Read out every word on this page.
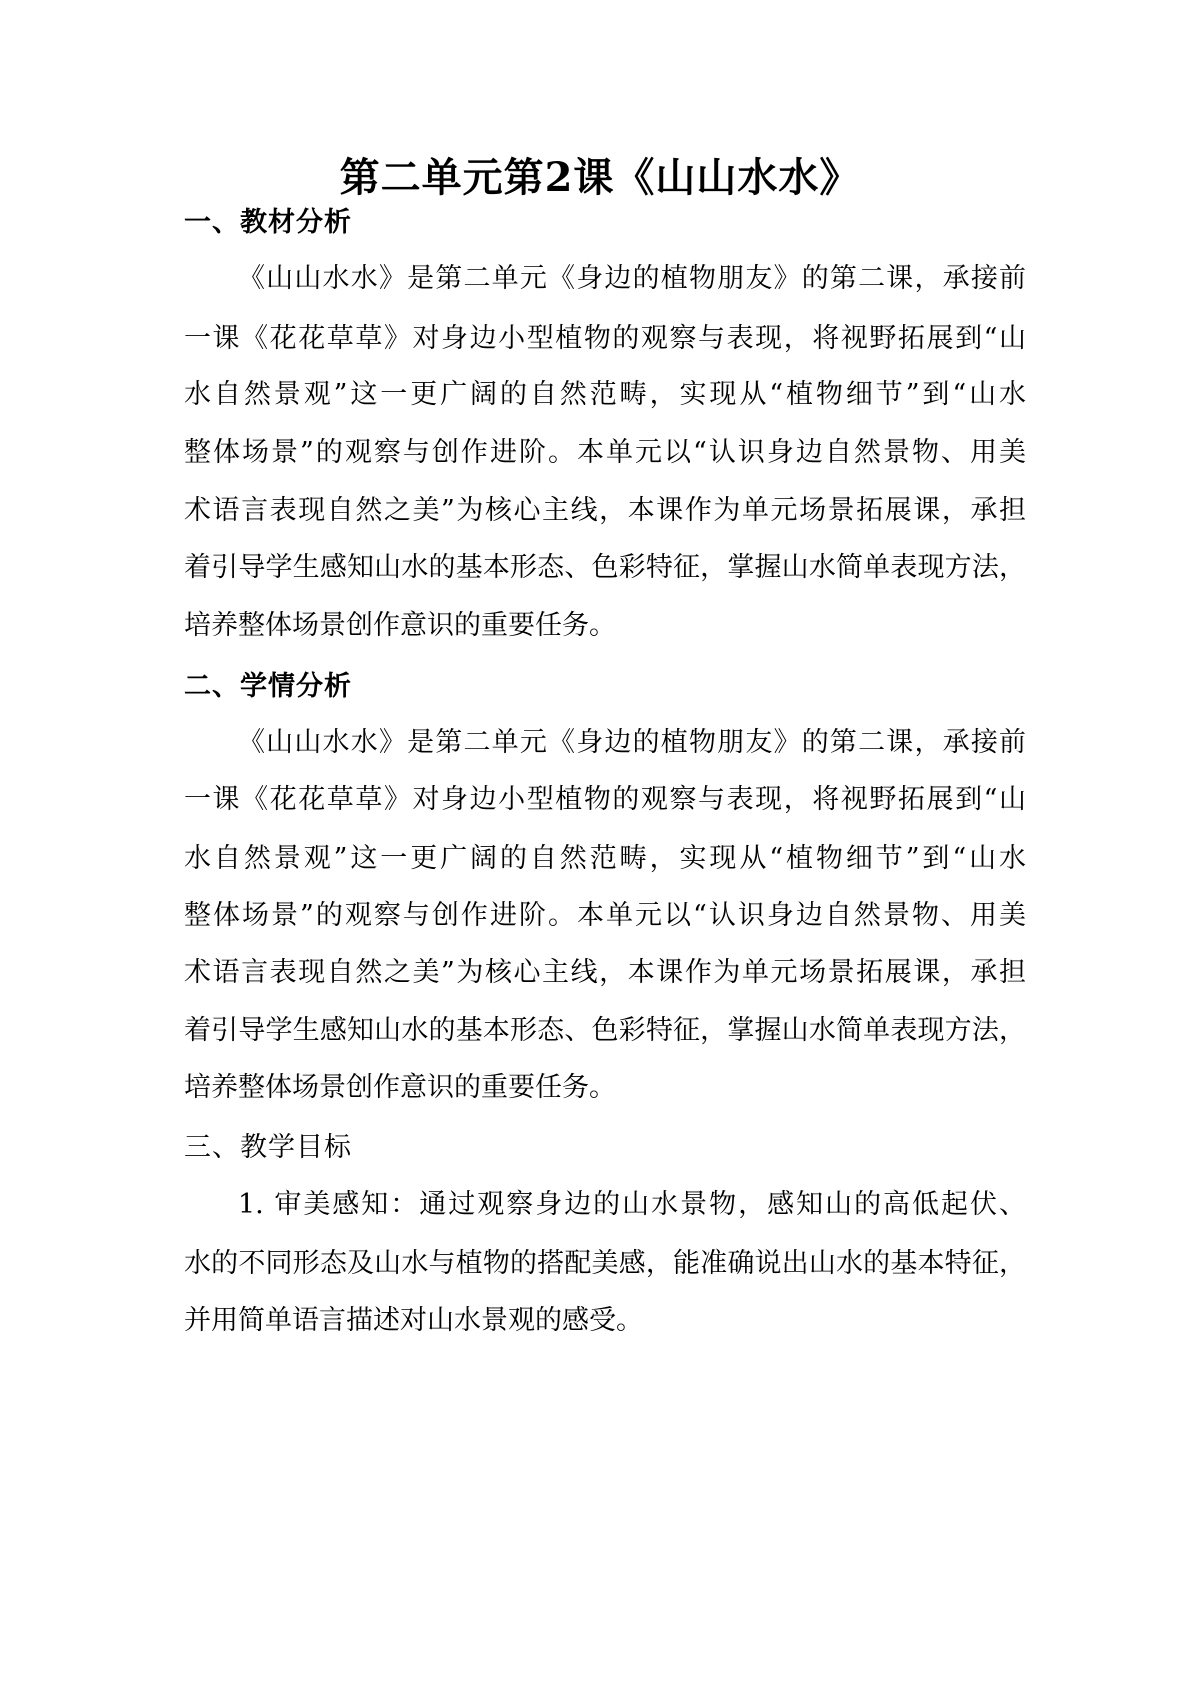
第二单元第2课《山山水水》
一、教材分析
《山山水水》是第二单元《身边的植物朋友》的第二课，承接前
一课《花花草草》对身边小型植物的观察与表现，将视野拓展到“山
水自然景观”这一更广阔的自然范畴，实现从“植物细节”到“山水
整体场景”的观察与创作进阶。本单元以“认识身边自然景物、用美
术语言表现自然之美”为核心主线，本课作为单元场景拓展课，承担
着引导学生感知山水的基本形态、色彩特征，掌握山水简单表现方法，
培养整体场景创作意识的重要任务。
二、学情分析
《山山水水》是第二单元《身边的植物朋友》的第二课，承接前
一课《花花草草》对身边小型植物的观察与表现，将视野拓展到“山
水自然景观”这一更广阔的自然范畴，实现从“植物细节”到“山水
整体场景”的观察与创作进阶。本单元以“认识身边自然景物、用美
术语言表现自然之美”为核心主线，本课作为单元场景拓展课，承担
着引导学生感知山水的基本形态、色彩特征，掌握山水简单表现方法，
培养整体场景创作意识的重要任务。
三、教学目标
1. 审美感知：通过观察身边的山水景物，感知山的高低起伏、
水的不同形态及山水与植物的搭配美感，能准确说出山水的基本特征，
并用简单语言描述对山水景观的感受。
